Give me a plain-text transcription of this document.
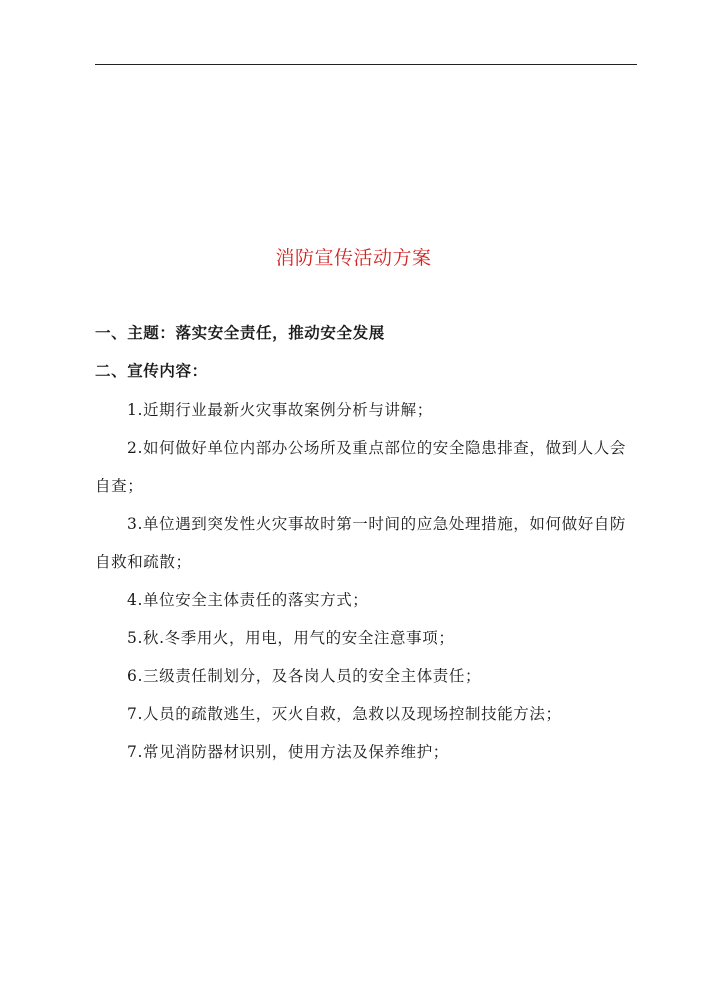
消防宣传活动方案
一、主题：落实安全责任，推动安全发展
二、宣传内容：
1.近期行业最新火灾事故案例分析与讲解；
2.如何做好单位内部办公场所及重点部位的安全隐患排查，做到人人会
自查；
3.单位遇到突发性火灾事故时第一时间的应急处理措施，如何做好自防
自救和疏散；
4.单位安全主体责任的落实方式；
5.秋.冬季用火，用电，用气的安全注意事项；
6.三级责任制划分，及各岗人员的安全主体责任；
7.人员的疏散逃生，灭火自救，急救以及现场控制技能方法；
7.常见消防器材识别，使用方法及保养维护；
